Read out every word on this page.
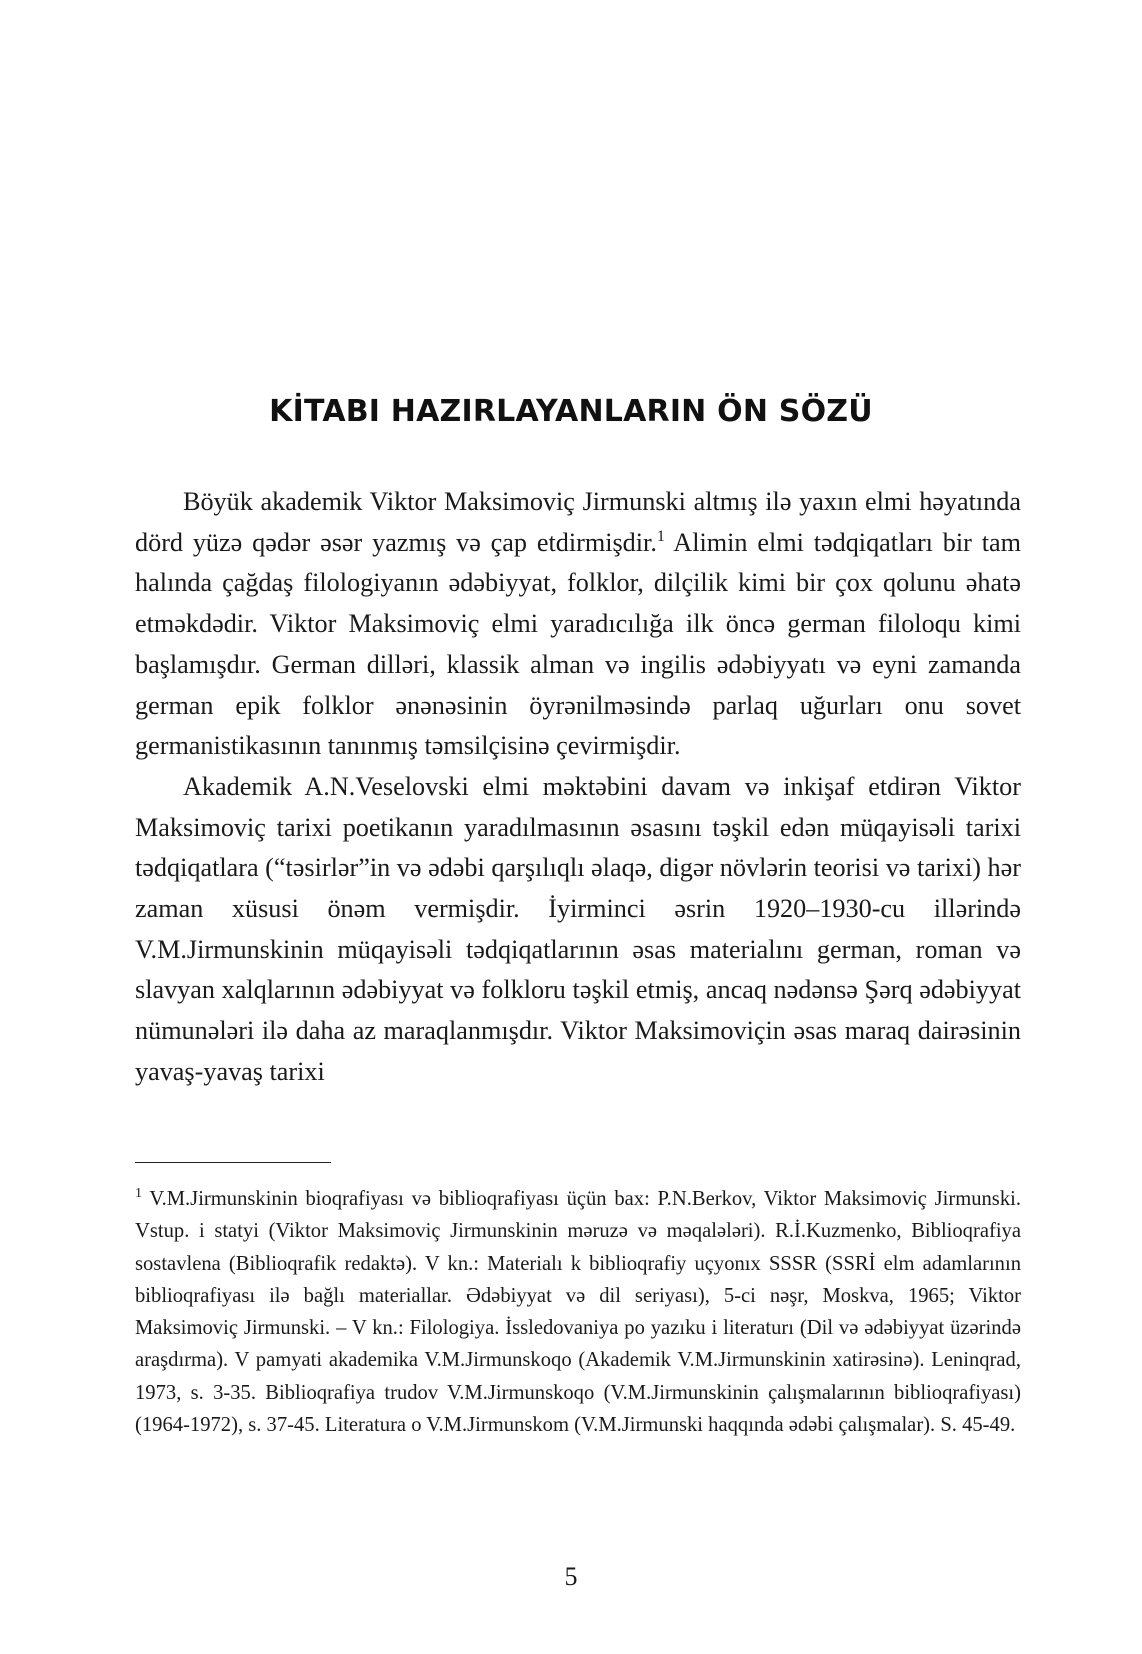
KİTABI HAZIRLAYANLARIN ÖN SÖZÜ

Böyük akademik Viktor Maksimoviç Jirmunski altmış ilə yaxın elmi həyatında dörd yüzə qədər əsər yazmış və çap etdirmişdir.$^1$ Alimin elmi tədqiqatları bir tam halında çağdaş filologiyanın ədəbiyyat, folklor, dilçilik kimi bir çox qolunu əhatə etməkdədir. Viktor Maksimoviç elmi yaradıcılığa ilk öncə german filoloqu kimi başlamışdır. German dilləri, klassik alman və ingilis ədəbiyyatı və eyni zamanda german epik folklor ənənəsinin öyrənilməsində parlaq uğurları onu sovet germanistikasının tanınmış təmsilçisinə çevirmişdir.

Akademik A.N.Veselovski elmi məktəbini davam və inkişaf etdirən Viktor Maksimoviç tarixi poetikanın yaradılmasının əsasını təşkil edən müqayisəli tarixi tədqiqatlara (“təsirlər”in və ədəbi qarşılıqlı əlaqə, digər növlərin teorisi və tarixi) hər zaman xüsusi önəm vermişdir. İyirminci əsrin 1920–1930-cu illərində V.M.Jirmunskinin müqayisəli tədqiqatlarının əsas materialını german, roman və slavyan xalqlarının ədəbiyyat və folkloru təşkil etmiş, ancaq nədənsə Şərq ədəbiyyat nümunələri ilə daha az maraqlanmışdır. Viktor Maksimoviçin əsas maraq dairəsinin yavaş-yavaş tarixi

$^1$ V.M.Jirmunskinin bioqrafiyası və biblioqrafiyası üçün bax: P.N.Berkov, Viktor Maksimoviç Jirmunski. Vstup. i statyi (Viktor Maksimoviç Jirmunskinin məruzə və məqalələri). R.İ.Kuzmenko, Biblioqrafiya sostavlena (Biblioqrafik redaktə). V kn.: Materialı k biblioqrafiy uçyonıx SSSR (SSRİ elm adamlarının biblioqrafiyası ilə bağlı materiallar. Ədəbiyyat və dil seriyası), 5-ci nəşr, Moskva, 1965; Viktor Maksimoviç Jirmunski. – V kn.: Filologiya. İssledovaniya po yazıku i literaturı (Dil və ədəbiyyat üzərində araşdırma). V pamyati akademika V.M.Jirmunskoqo (Akademik V.M.Jirmunskinin xatirəsinə). Leninqrad, 1973, s. 3-35. Biblioqrafiya trudov V.M.Jirmunskoqo (V.M.Jirmunskinin çalışmalarının biblioqrafiyası) (1964-1972), s. 37-45. Literatura o V.M.Jirmunskom (V.M.Jirmunski haqqında ədəbi çalışmalar). S. 45-49.

5
